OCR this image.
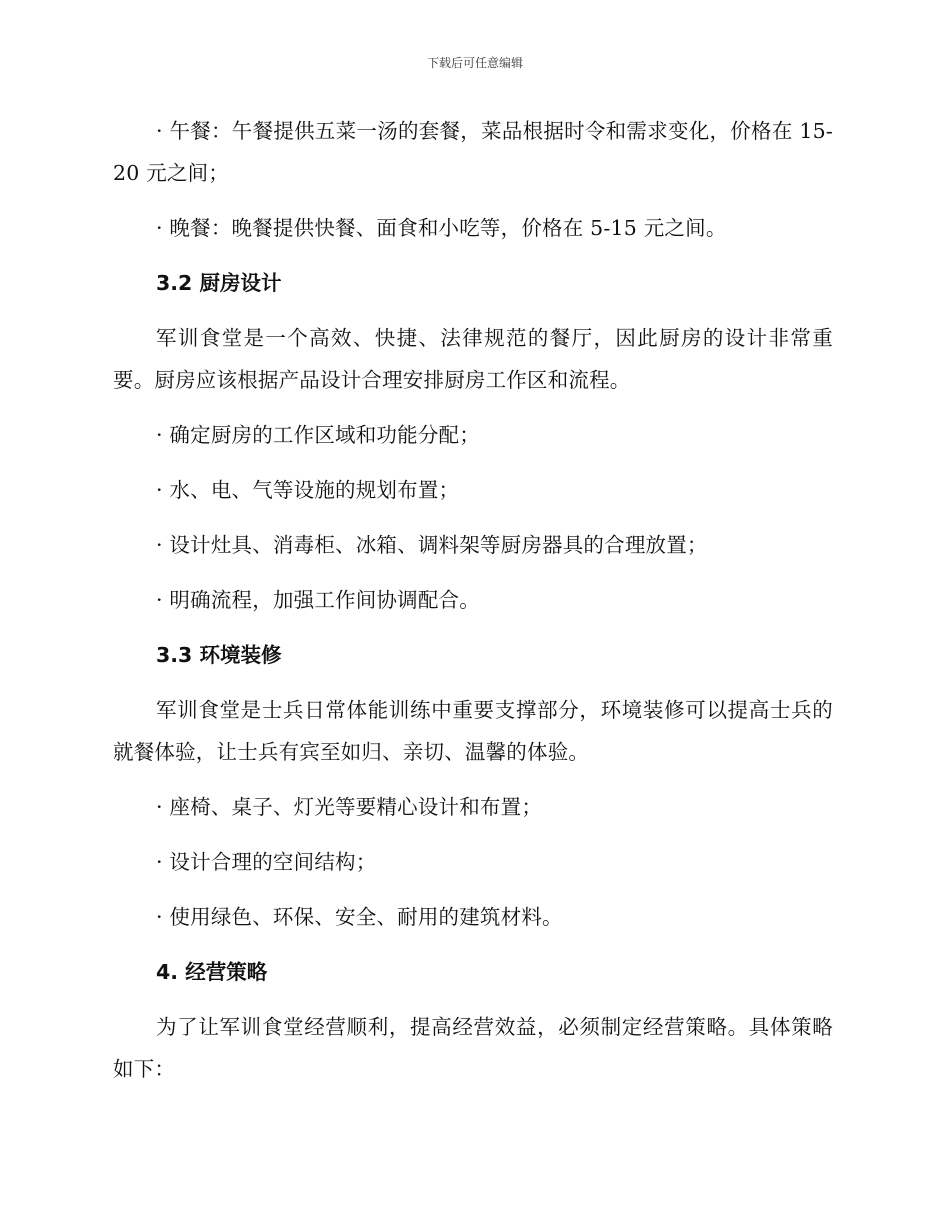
下载后可任意编辑

· 午餐：午餐提供五菜一汤的套餐，菜品根据时令和需求变化，价格在 15-20 元之间；

· 晚餐：晚餐提供快餐、面食和小吃等，价格在 5-15 元之间。

3.2 厨房设计

军训食堂是一个高效、快捷、法律规范的餐厅，因此厨房的设计非常重要。厨房应该根据产品设计合理安排厨房工作区和流程。

· 确定厨房的工作区域和功能分配；

· 水、电、气等设施的规划布置；

· 设计灶具、消毒柜、冰箱、调料架等厨房器具的合理放置；

· 明确流程，加强工作间协调配合。

3.3 环境装修

军训食堂是士兵日常体能训练中重要支撑部分，环境装修可以提高士兵的就餐体验，让士兵有宾至如归、亲切、温馨的体验。

· 座椅、桌子、灯光等要精心设计和布置；

· 设计合理的空间结构；

· 使用绿色、环保、安全、耐用的建筑材料。

4. 经营策略

为了让军训食堂经营顺利，提高经营效益，必须制定经营策略。具体策略如下：
